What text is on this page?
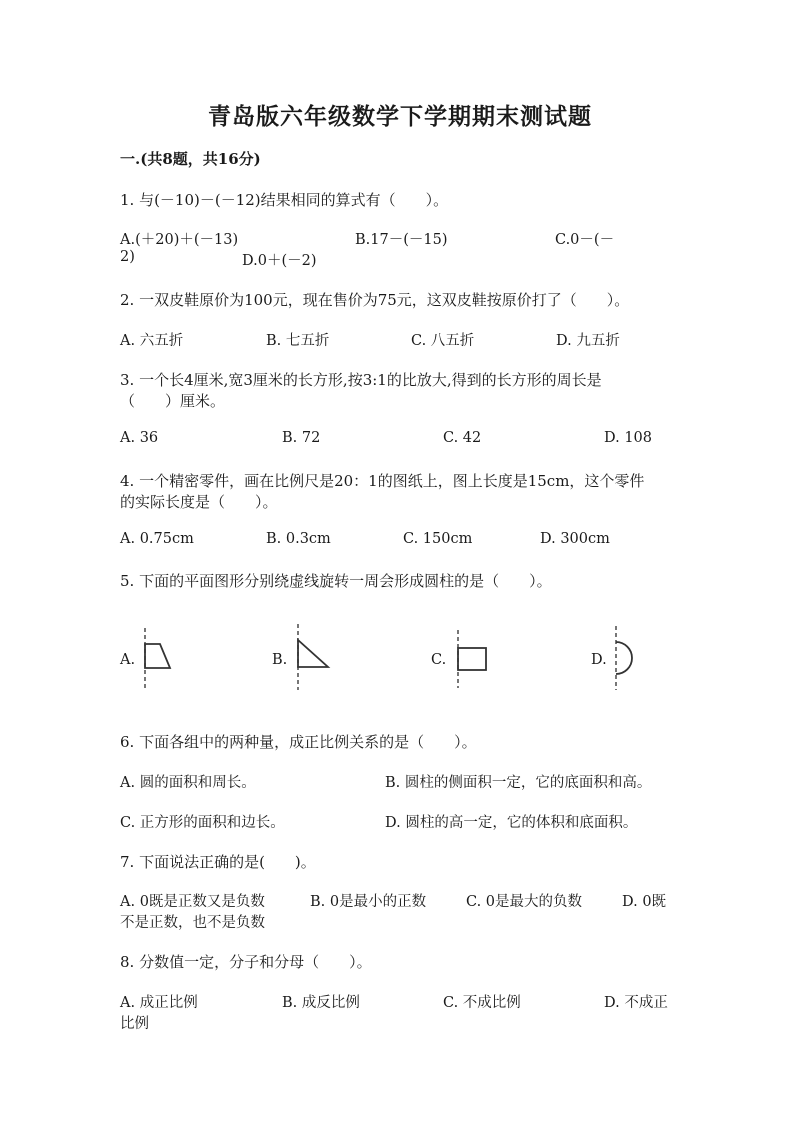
青岛版六年级数学下学期期末测试题
一.(共8题，共16分)
1. 与(－10)－(－12)结果相同的算式有（　　）。
A.(＋20)＋(－13)	B.17－(－15)	C.0－(－
2)	D.0＋(－2)
2. 一双皮鞋原价为100元，现在售价为75元，这双皮鞋按原价打了（　　）。
A. 六五折	B. 七五折	C. 八五折	D. 九五折
3. 一个长4厘米,宽3厘米的长方形,按3:1的比放大,得到的长方形的周长是
（　　）厘米。
A. 36	B. 72	C. 42	D. 108
4. 一个精密零件，画在比例尺是20：1的图纸上，图上长度是15cm，这个零件
的实际长度是（　　）。
A. 0.75cm	B. 0.3cm	C. 150cm	D. 300cm
5. 下面的平面图形分别绕虚线旋转一周会形成圆柱的是（　　）。
A.	B.	C.	D.
6. 下面各组中的两种量，成正比例关系的是（　　）。
A. 圆的面积和周长。	B. 圆柱的侧面积一定，它的底面积和高。
C. 正方形的面积和边长。	D. 圆柱的高一定，它的体积和底面积。
7. 下面说法正确的是(　　)。
A. 0既是正数又是负数	B. 0是最小的正数	C. 0是最大的负数	D. 0既
不是正数，也不是负数
8. 分数值一定，分子和分母（　　）。
A. 成正比例	B. 成反比例	C. 不成比例	D. 不成正
比例
